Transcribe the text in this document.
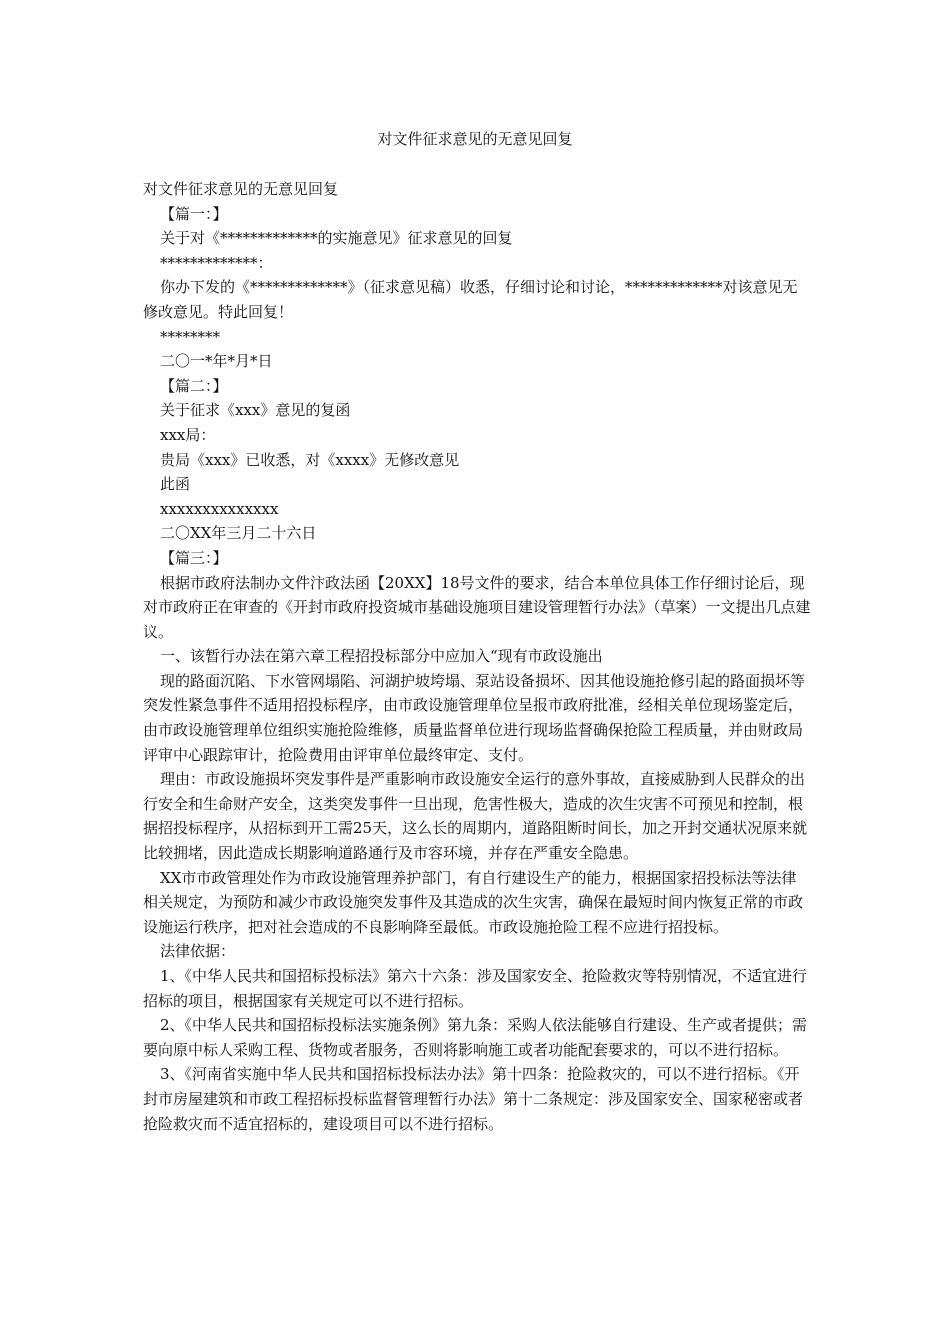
对文件征求意见的无意见回复

对文件征求意见的无意见回复

【篇一：】

关于对《*************的实施意见》征求意见的回复

*************：

你办下发的《*************》（征求意见稿）收悉，仔细讨论和讨论，*************对该意见无修改意见。特此回复！

********

二〇一*年*月*日

【篇二：】

关于征求《xxx》意见的复函

xxx局：

贵局《xxx》已收悉，对《xxxx》无修改意见

此函

xxxxxxxxxxxxxx

二〇XX年三月二十六日

【篇三：】

根据市政府法制办文件汴政法函【20XX】18号文件的要求，结合本单位具体工作仔细讨论后，现对市政府正在审查的《开封市政府投资城市基础设施项目建设管理暂行办法》（草案）一文提出几点建议。

一、该暂行办法在第六章工程招投标部分中应加入“现有市政设施出

现的路面沉陷、下水管网塌陷、河湖护坡垮塌、泵站设备损坏、因其他设施抢修引起的路面损坏等突发性紧急事件不适用招投标程序，由市政设施管理单位呈报市政府批准，经相关单位现场鉴定后，由市政设施管理单位组织实施抢险维修，质量监督单位进行现场监督确保抢险工程质量，并由财政局评审中心跟踪审计，抢险费用由评审单位最终审定、支付。

理由：市政设施损坏突发事件是严重影响市政设施安全运行的意外事故，直接威胁到人民群众的出行安全和生命财产安全，这类突发事件一旦出现，危害性极大，造成的次生灾害不可预见和控制，根据招投标程序，从招标到开工需25天，这么长的周期内，道路阻断时间长，加之开封交通状况原来就比较拥堵，因此造成长期影响道路通行及市容环境，并存在严重安全隐患。

XX市市政管理处作为市政设施管理养护部门，有自行建设生产的能力，根据国家招投标法等法律相关规定，为预防和减少市政设施突发事件及其造成的次生灾害，确保在最短时间内恢复正常的市政设施运行秩序，把对社会造成的不良影响降至最低。市政设施抢险工程不应进行招投标。

法律依据：

1、《中华人民共和国招标投标法》第六十六条：涉及国家安全、抢险救灾等特别情况，不适宜进行招标的项目，根据国家有关规定可以不进行招标。

2、《中华人民共和国招标投标法实施条例》第九条：采购人依法能够自行建设、生产或者提供；需要向原中标人采购工程、货物或者服务，否则将影响施工或者功能配套要求的，可以不进行招标。

3、《河南省实施中华人民共和国招标投标法办法》第十四条：抢险救灾的，可以不进行招标。《开封市房屋建筑和市政工程招标投标监督管理暂行办法》第十二条规定：涉及国家安全、国家秘密或者抢险救灾而不适宜招标的，建设项目可以不进行招标。
